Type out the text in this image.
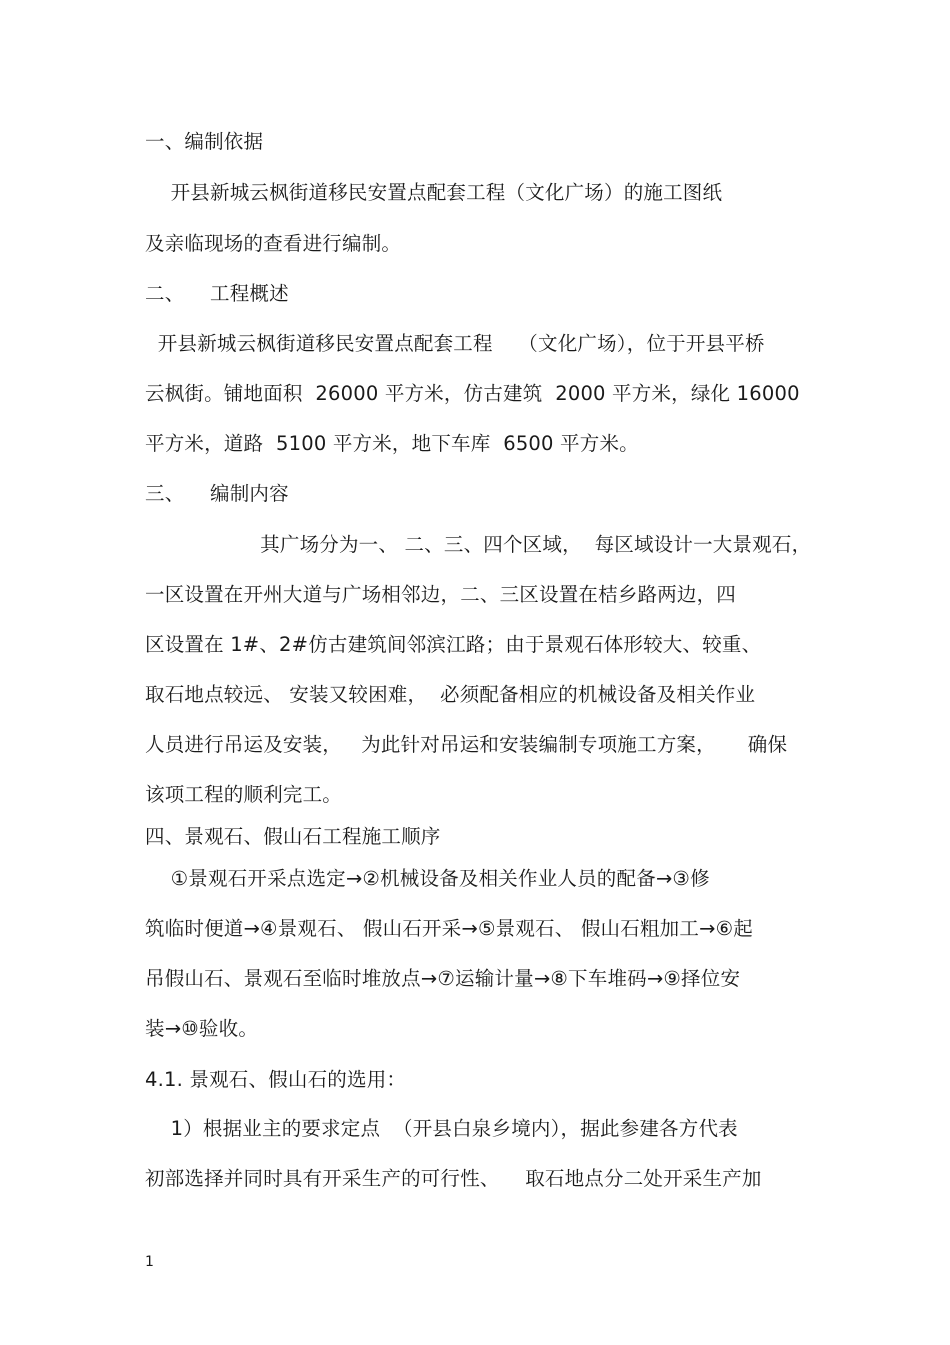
一、编制依据
开县新城云枫街道移民安置点配套工程（文化广场）的施工图纸
及亲临现场的查看进行编制。
二、    工程概述
开县新城云枫街道移民安置点配套工程    （文化广场），位于开县平桥
云枫街。铺地面积  26000 平方米，仿古建筑  2000 平方米，绿化 16000
平方米，道路  5100 平方米，地下车库  6500 平方米。
三、    编制内容
其广场分为一、 二、三、四个区域，  每区域设计一大景观石，
一区设置在开州大道与广场相邻边，二、三区设置在桔乡路两边，四
区设置在 1#、2#仿古建筑间邻滨江路；由于景观石体形较大、较重、
取石地点较远、 安装又较困难，  必须配备相应的机械设备及相关作业
人员进行吊运及安装，   为此针对吊运和安装编制专项施工方案，     确保
该项工程的顺利完工。
四、景观石、假山石工程施工顺序
①景观石开采点选定→②机械设备及相关作业人员的配备→③修
筑临时便道→④景观石、 假山石开采→⑤景观石、 假山石粗加工→⑥起
吊假山石、景观石至临时堆放点→⑦运输计量→⑧下车堆码→⑨择位安
装→⑩验收。
4.1. 景观石、假山石的选用：
1）根据业主的要求定点  （开县白泉乡境内），据此参建各方代表
初部选择并同时具有开采生产的可行性、    取石地点分二处开采生产加
1
